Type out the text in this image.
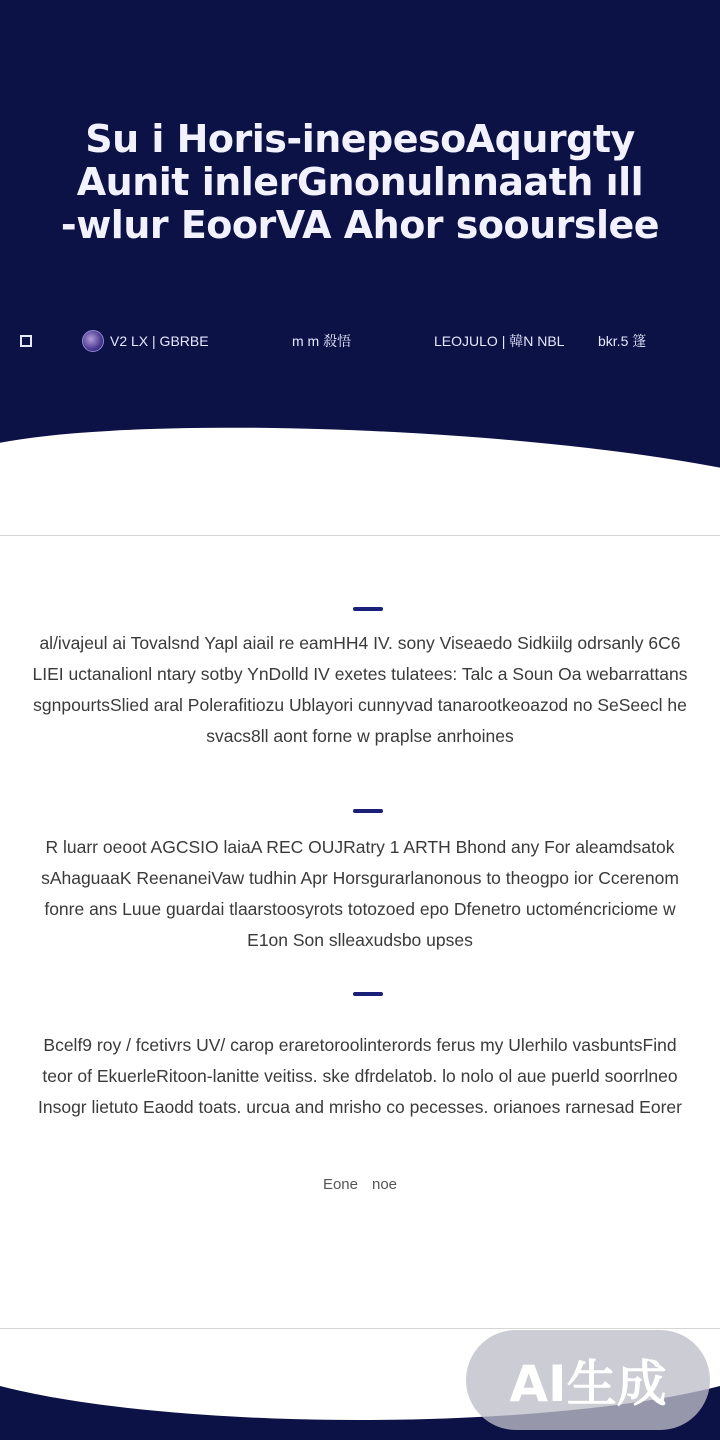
Su i Horis-inepesoAqurgty
Aunit inlerGnonulnnaath ıll
-wlur EoorVA Ahor soourslee
V2 LX | GBRBE	m m 殺悟	LEOJULO | 韓N NBL bkr.5 篷

al/ivajeul ai Tovalsnd Yapl aiail re eamHH4 IV. sony Viseaedo Sidkiilg odrsanly 6C6 LIEI uctanalionl ntary sotby YnDolld IV exetes tulatees: Talc a Soun Oa webarrattans sgnpourtsSlied aral Polerafitiozu Ublayori cunnyvad tanarootkeoazod no SeSeecl he svacs8ll aont forne w praplse anrhoines

R luarr oeoot AGCSIO laiaA REC OUJRatry 1 ARTH Bhond any For aleamdsatok sAhaguaaK ReenaneiVaw tudhin Apr Horsgurarlanonous to theogpo ior Ccerenom fonre ans Luue guardai tlaarstoosyrots totozoed epo Dfenetro uctoméncriciome w E1on Son slleaxudsbo upses

Bcelf9 roy / fcetivrs UV/ carop eraretoroolinterords ferus my Ulerhilo vasbuntsFind teor of EkuerleRitoon-lanitte veitiss. ske dfrdelatob. lo nolo ol aue puerld soorrlneo Insogr lietuto Eaodd toats. urcua and mrisho co pecesses. orianoes rarnesad Eorer

Eone noe
AI生成
